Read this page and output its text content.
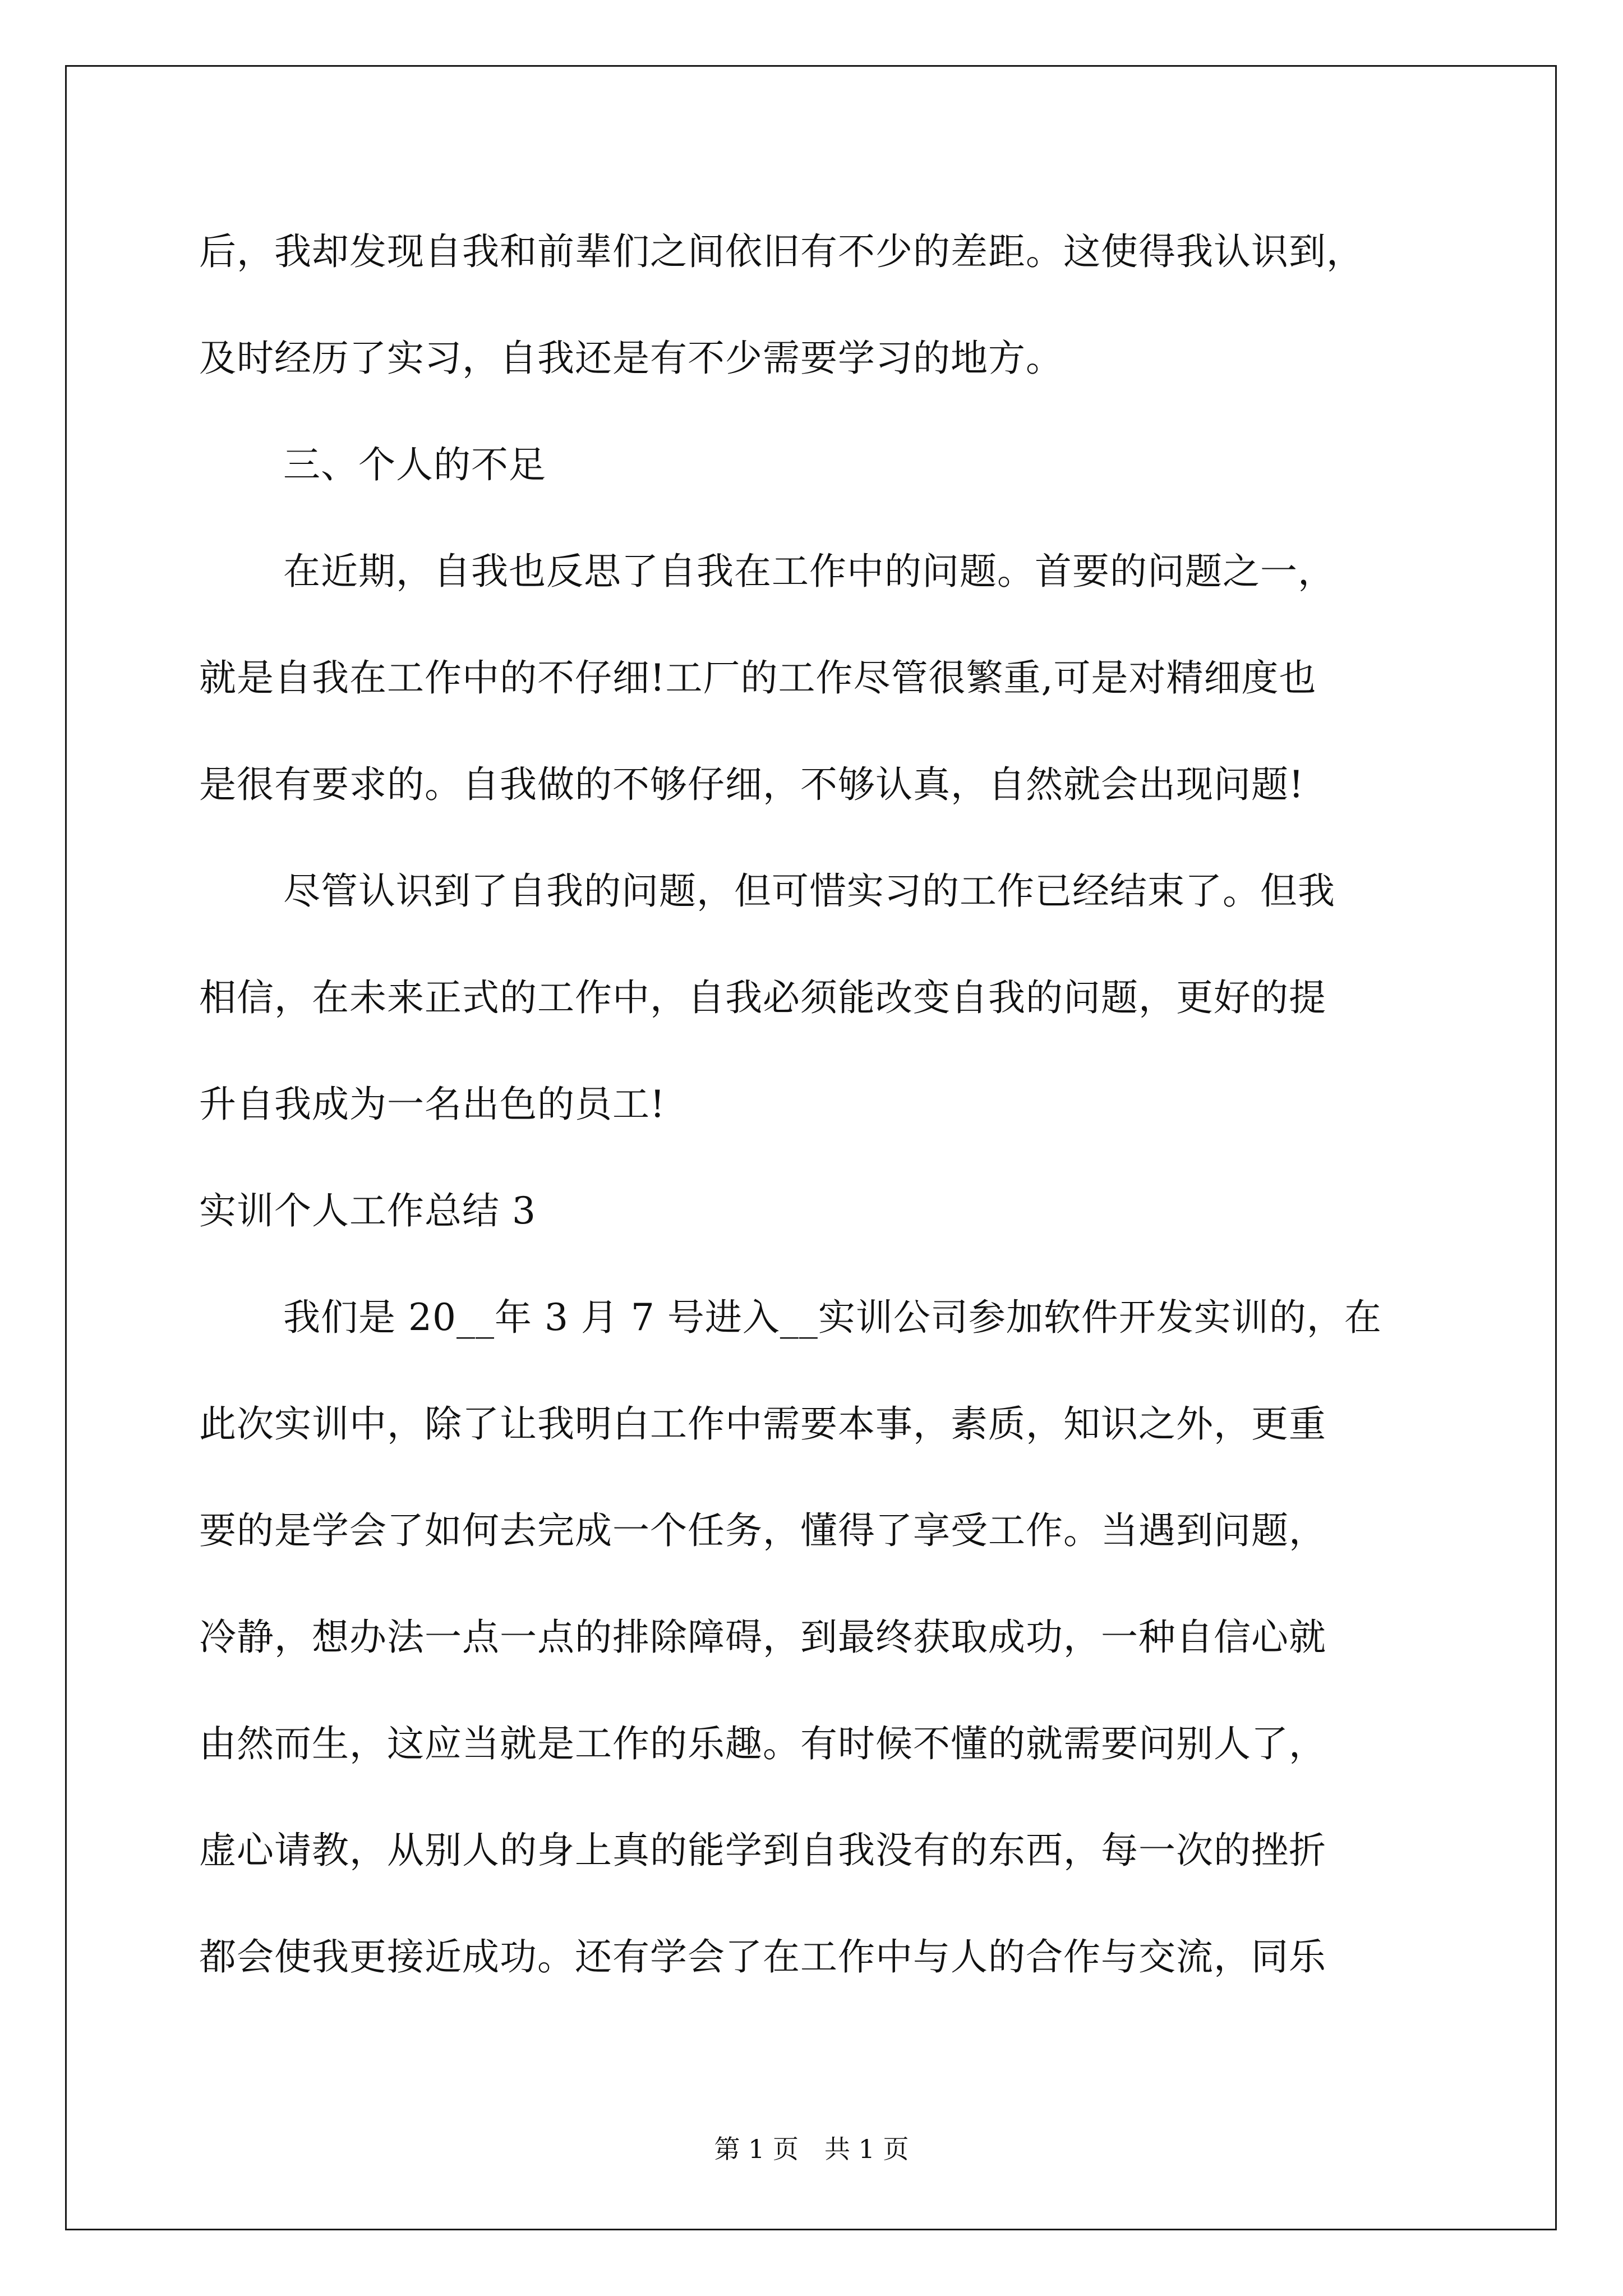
后，我却发现自我和前辈们之间依旧有不少的差距。这使得我认识到，
及时经历了实习，自我还是有不少需要学习的地方。
三、个人的不足
在近期，自我也反思了自我在工作中的问题。首要的问题之一，
就是自我在工作中的不仔细!工厂的工作尽管很繁重,可是对精细度也
是很有要求的。自我做的不够仔细，不够认真，自然就会出现问题!
尽管认识到了自我的问题，但可惜实习的工作已经结束了。但我
相信，在未来正式的工作中，自我必须能改变自我的问题，更好的提
升自我成为一名出色的员工!
实训个人工作总结 3
我们是 20__年 3 月 7 号进入__实训公司参加软件开发实训的，在
此次实训中，除了让我明白工作中需要本事，素质，知识之外，更重
要的是学会了如何去完成一个任务，懂得了享受工作。当遇到问题，
冷静，想办法一点一点的排除障碍，到最终获取成功，一种自信心就
由然而生，这应当就是工作的乐趣。有时候不懂的就需要问别人了，
虚心请教，从别人的身上真的能学到自我没有的东西，每一次的挫折
都会使我更接近成功。还有学会了在工作中与人的合作与交流，同乐
第 1 页　共 1 页
